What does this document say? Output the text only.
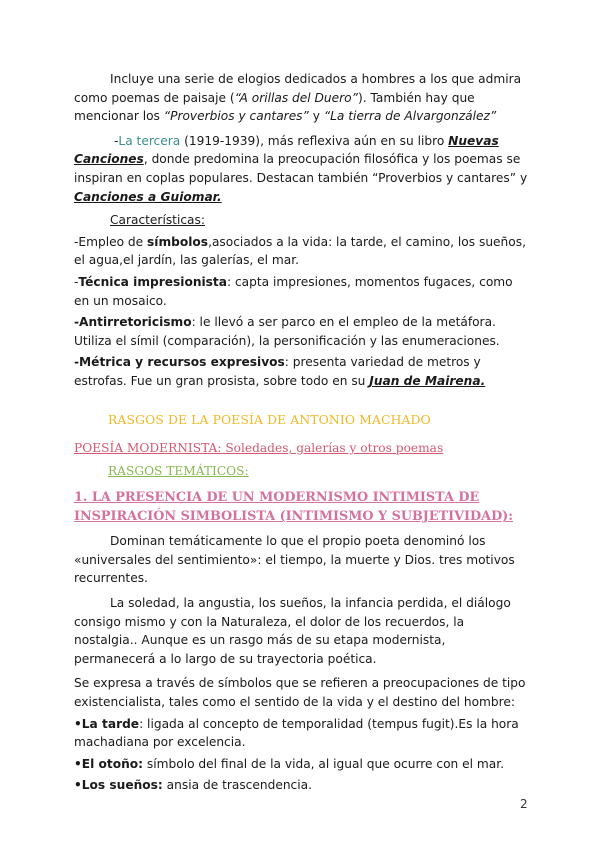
Incluye una serie de elogios dedicados a hombres a los que admira como poemas de paisaje (“A orillas del Duero”). También hay que mencionar los “Proverbios y cantares” y “La tierra de Alvargonzález”

-La tercera (1919-1939), más reflexiva aún en su libro Nuevas Canciones, donde predomina la preocupación filosófica y los poemas se inspiran en coplas populares. Destacan también “Proverbios y cantares” y Canciones a Guiomar.

Características:

-Empleo de símbolos,asociados a la vida: la tarde, el camino, los sueños, el agua,el jardín, las galerías, el mar.

-Técnica impresionista: capta impresiones, momentos fugaces, como en un mosaico.

-Antirretoricismo: le llevó a ser parco en el empleo de la metáfora. Utiliza el símil (comparación), la personificación y las enumeraciones.

-Métrica y recursos expresivos: presenta variedad de metros y estrofas. Fue un gran prosista, sobre todo en su Juan de Mairena.

RASGOS DE LA POESÍA DE ANTONIO MACHADO

POESÍA MODERNISTA: Soledades, galerías y otros poemas

RASGOS TEMÁTICOS:

1. LA PRESENCIA DE UN MODERNISMO INTIMISTA DE INSPIRACIÓN SIMBOLISTA (INTIMISMO Y SUBJETIVIDAD):

Dominan temáticamente lo que el propio poeta denominó los «universales del sentimiento»: el tiempo, la muerte y Dios. tres motivos recurrentes.

La soledad, la angustia, los sueños, la infancia perdida, el diálogo consigo mismo y con la Naturaleza, el dolor de los recuerdos, la nostalgia.. Aunque es un rasgo más de su etapa modernista, permanecerá a lo largo de su trayectoria poética.

Se expresa a través de símbolos que se refieren a preocupaciones de tipo existencialista, tales como el sentido de la vida y el destino del hombre:

•La tarde: ligada al concepto de temporalidad (tempus fugit).Es la hora machadiana por excelencia.

•El otoño: símbolo del final de la vida, al igual que ocurre con el mar.

•Los sueños: ansia de trascendencia.

2
